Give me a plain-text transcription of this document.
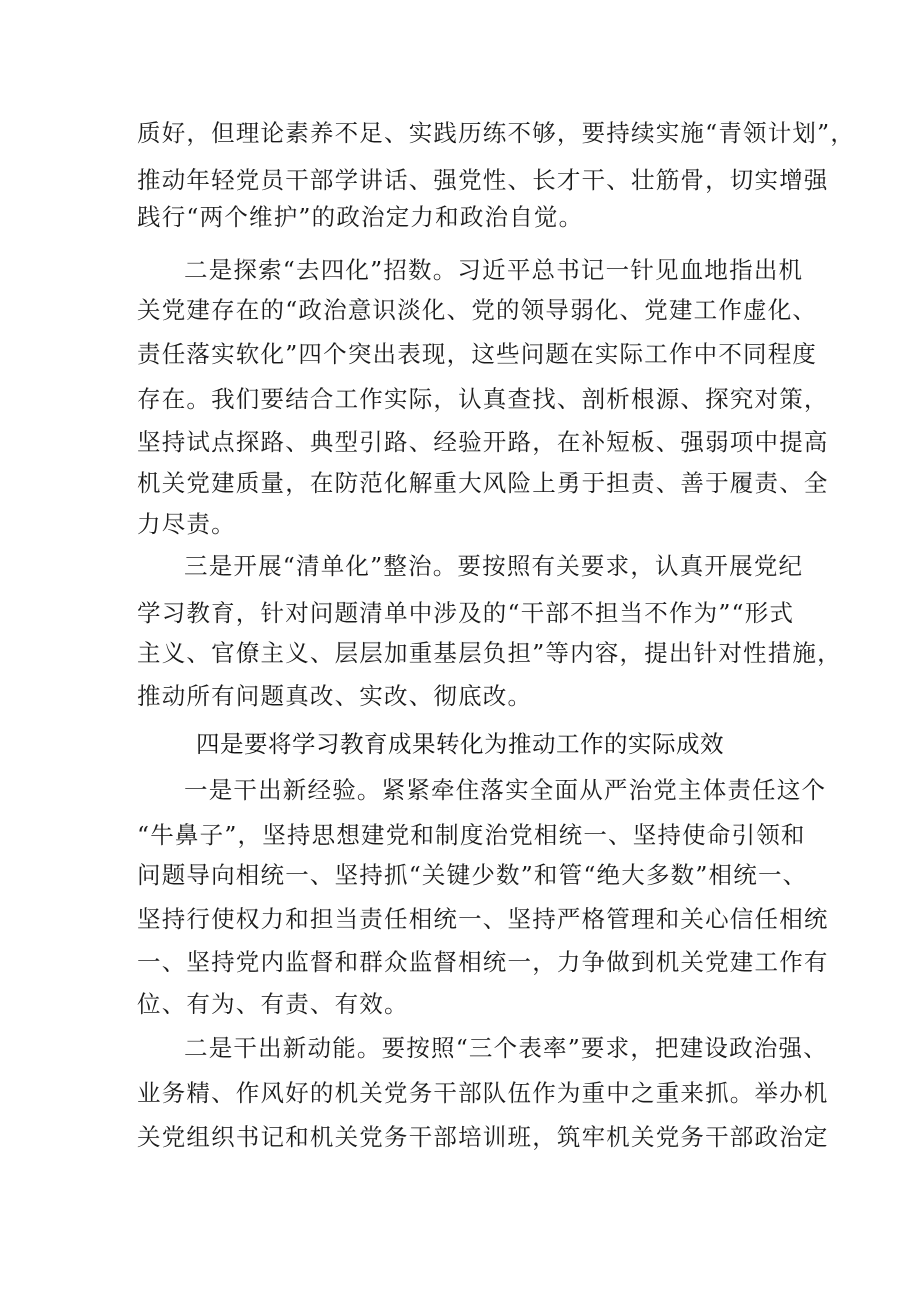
质好，但理论素养不足、实践历练不够，要持续实施“青领计划”，
推动年轻党员干部学讲话、强党性、长才干、壮筋骨，切实增强
践行“两个维护”的政治定力和政治自觉。
二是探索“去四化”招数。习近平总书记一针见血地指出机
关党建存在的“政治意识淡化、党的领导弱化、党建工作虚化、
责任落实软化”四个突出表现，这些问题在实际工作中不同程度
存在。我们要结合工作实际，认真查找、剖析根源、探究对策，
坚持试点探路、典型引路、经验开路，在补短板、强弱项中提高
机关党建质量，在防范化解重大风险上勇于担责、善于履责、全
力尽责。
三是开展“清单化”整治。要按照有关要求，认真开展党纪
学习教育，针对问题清单中涉及的“干部不担当不作为”“形式
主义、官僚主义、层层加重基层负担”等内容，提出针对性措施，
推动所有问题真改、实改、彻底改。
四是要将学习教育成果转化为推动工作的实际成效
一是干出新经验。紧紧牵住落实全面从严治党主体责任这个
“牛鼻子”，坚持思想建党和制度治党相统一、坚持使命引领和
问题导向相统一、坚持抓“关键少数”和管“绝大多数”相统一、
坚持行使权力和担当责任相统一、坚持严格管理和关心信任相统
一、坚持党内监督和群众监督相统一，力争做到机关党建工作有
位、有为、有责、有效。
二是干出新动能。要按照“三个表率”要求，把建设政治强、
业务精、作风好的机关党务干部队伍作为重中之重来抓。举办机
关党组织书记和机关党务干部培训班，筑牢机关党务干部政治定
